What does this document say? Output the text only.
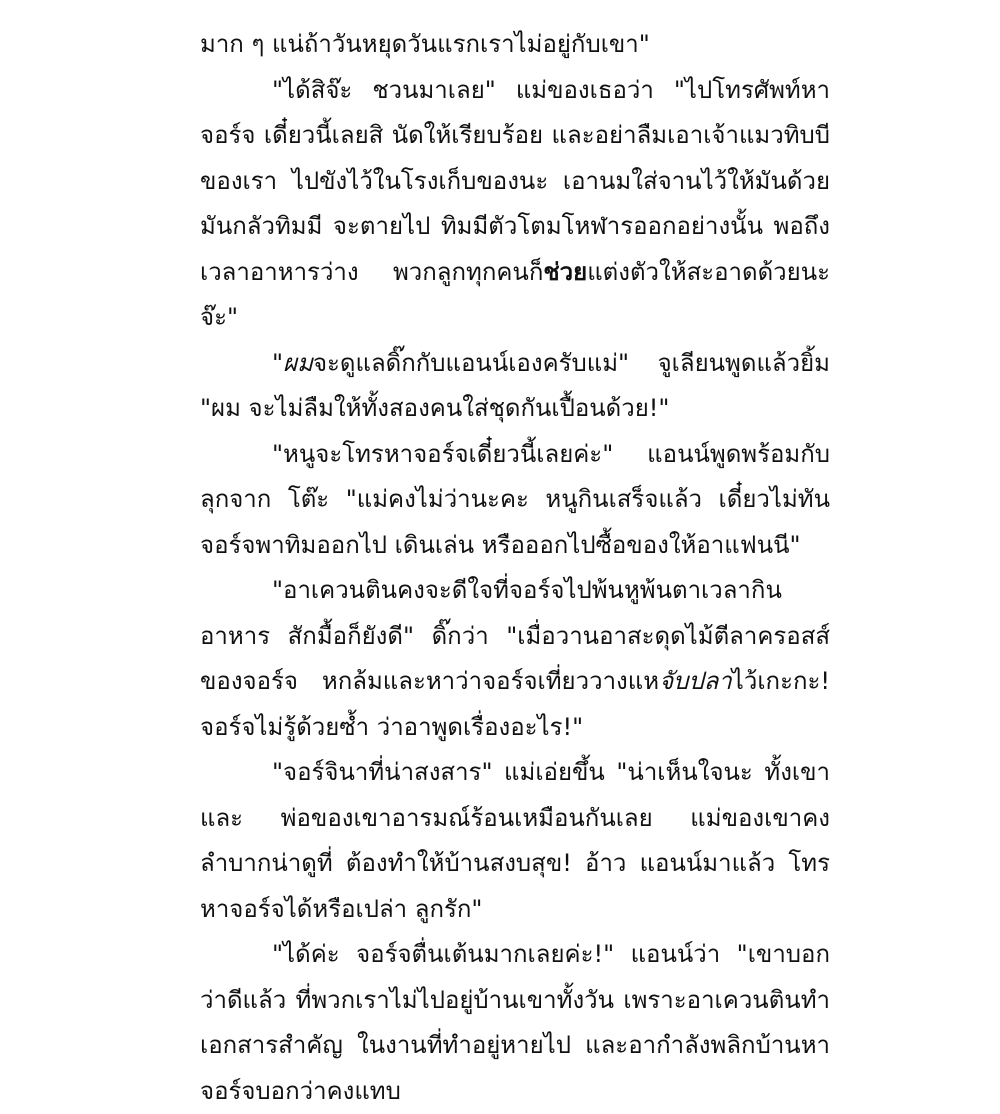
มาก ๆ แน่ถ้าวันหยุดวันแรกเราไม่อยู่กับเขา"

"ได้สิจ๊ะ ชวนมาเลย" แม่ของเธอว่า "ไปโทรศัพท์หาจอร์จ เดี๋ยวนี้เลยสิ นัดให้เรียบร้อย และอย่าลืมเอาเจ้าแมวทิบบีของเรา ไปขังไว้ในโรงเก็บของนะ เอานมใส่จานไว้ให้มันด้วย มันกลัวทิมมี จะตายไป ทิมมีตัวโตมโหฬารออกอย่างนั้น พอถึงเวลาอาหารว่าง พวกลูกทุกคนก็ช่วยแต่งตัวให้สะอาดด้วยนะจ๊ะ"

"ผมจะดูแลดิ๊กกับแอนน์เองครับแม่" จูเลียนพูดแล้วยิ้ม "ผม จะไม่ลืมให้ทั้งสองคนใส่ชุดกันเปื้อนด้วย!"

"หนูจะโทรหาจอร์จเดี๋ยวนี้เลยค่ะ" แอนน์พูดพร้อมกับลุกจาก โต๊ะ "แม่คงไม่ว่านะคะ หนูกินเสร็จแล้ว เดี๋ยวไม่ทันจอร์จพาทิมออกไป เดินเล่น หรือออกไปซื้อของให้อาแฟนนี"

"อาเควนตินคงจะดีใจที่จอร์จไปพ้นหูพ้นตาเวลากินอาหาร สักมื้อก็ยังดี" ดิ๊กว่า "เมื่อวานอาสะดุดไม้ตีลาครอสส์ของจอร์จ หกล้มและหาว่าจอร์จเที่ยววางแหจับปลาไว้เกะกะ! จอร์จไม่รู้ด้วยซ้ำ ว่าอาพูดเรื่องอะไร!"

"จอร์จินาที่น่าสงสาร" แม่เอ่ยขึ้น "น่าเห็นใจนะ ทั้งเขาและ พ่อของเขาอารมณ์ร้อนเหมือนกันเลย แม่ของเขาคงลำบากน่าดูที่ ต้องทำให้บ้านสงบสุข! อ้าว แอนน์มาแล้ว โทรหาจอร์จได้หรือเปล่า ลูกรัก"

"ได้ค่ะ จอร์จตื่นเต้นมากเลยค่ะ!" แอนน์ว่า "เขาบอกว่าดีแล้ว ที่พวกเราไม่ไปอยู่บ้านเขาทั้งวัน เพราะอาเควนตินทำเอกสารสำคัญ ในงานที่ทำอยู่หายไป และอากำลังพลิกบ้านหา จอร์จบอกว่าคงแทบ
